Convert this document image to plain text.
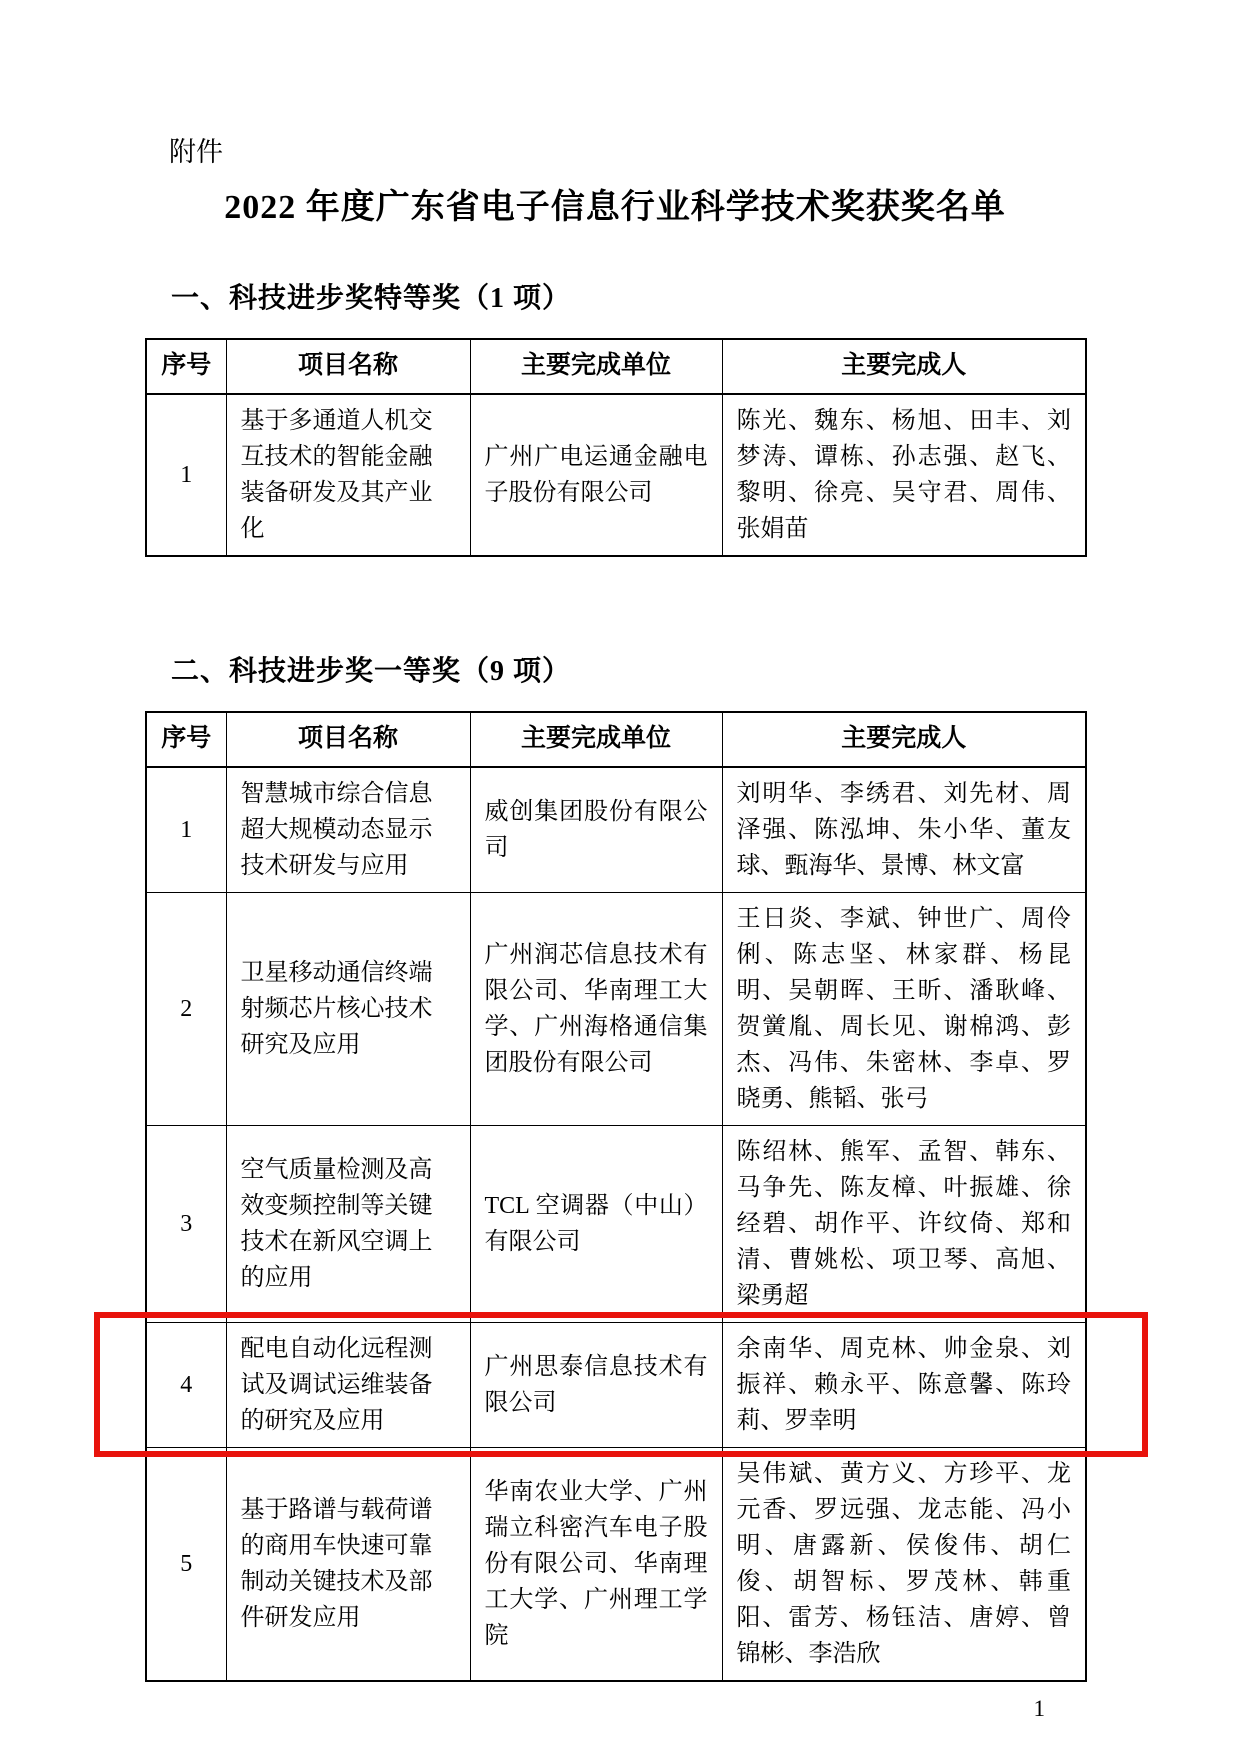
附件
2022 年度广东省电子信息行业科学技术奖获奖名单
一、科技进步奖特等奖（1 项）
序号	项目名称	主要完成单位	主要完成人
1	基于多通道人机交互技术的智能金融装备研发及其产业化	广州广电运通金融电子股份有限公司	陈光、魏东、杨旭、田丰、刘梦涛、谭栋、孙志强、赵飞、黎明、徐亮、吴守君、周伟、张娟苗
二、科技进步奖一等奖（9 项）
序号	项目名称	主要完成单位	主要完成人
1	智慧城市综合信息超大规模动态显示技术研发与应用	威创集团股份有限公司	刘明华、李绣君、刘先材、周泽强、陈泓坤、朱小华、董友球、甄海华、景博、林文富
2	卫星移动通信终端射频芯片核心技术研究及应用	广州润芯信息技术有限公司、华南理工大学、广州海格通信集团股份有限公司	王日炎、李斌、钟世广、周伶俐、陈志坚、林家群、杨昆明、吴朝晖、王昕、潘耿峰、贺黉胤、周长见、谢棉鸿、彭杰、冯伟、朱密林、李卓、罗晓勇、熊韬、张弓
3	空气质量检测及高效变频控制等关键技术在新风空调上的应用	TCL 空调器（中山）有限公司	陈绍林、熊军、孟智、韩东、马争先、陈友樟、叶振雄、徐经碧、胡作平、许纹倚、郑和清、曹姚松、项卫琴、高旭、梁勇超
4	配电自动化远程测试及调试运维装备的研究及应用	广州思泰信息技术有限公司	余南华、周克林、帅金泉、刘振祥、赖永平、陈意馨、陈玲莉、罗幸明
5	基于路谱与载荷谱的商用车快速可靠制动关键技术及部件研发应用	华南农业大学、广州瑞立科密汽车电子股份有限公司、华南理工大学、广州理工学院	吴伟斌、黄方义、方珍平、龙元香、罗远强、龙志能、冯小明、唐露新、侯俊伟、胡仁俊、胡智标、罗茂林、韩重阳、雷芳、杨钰洁、唐婷、曾锦彬、李浩欣
1
